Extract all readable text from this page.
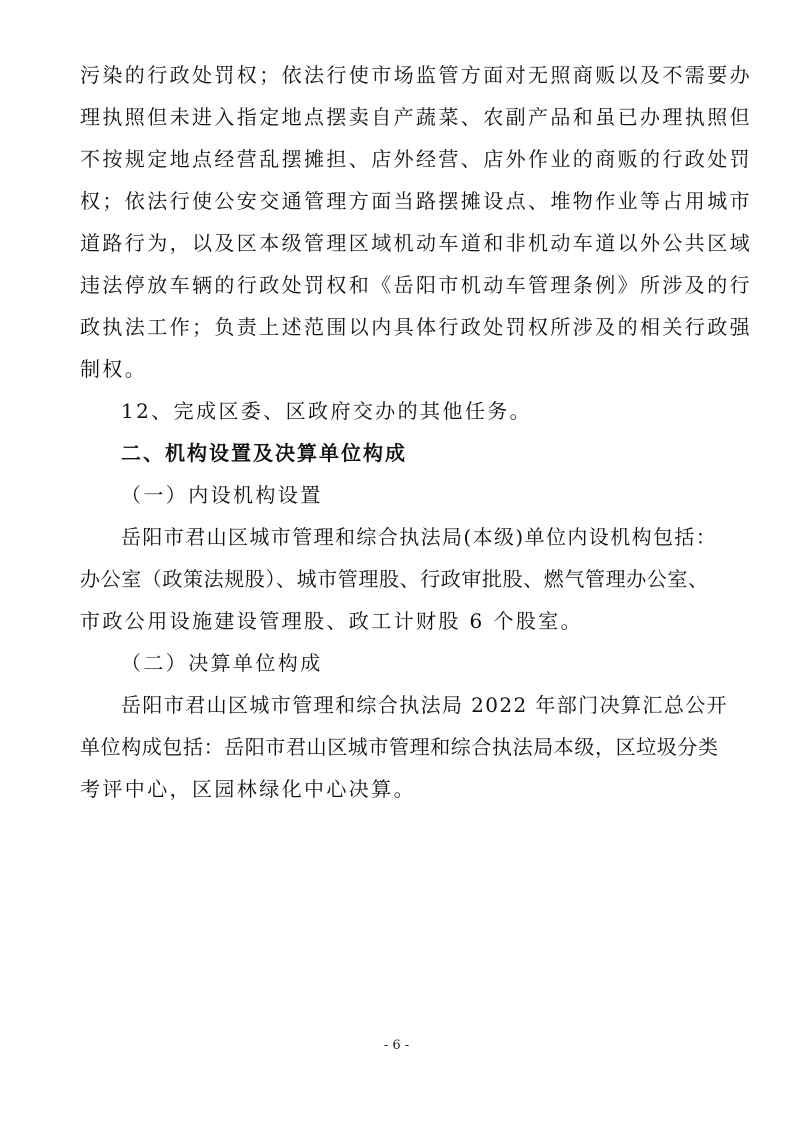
污染的行政处罚权；依法行使市场监管方面对无照商贩以及不需要办
理执照但未进入指定地点摆卖自产蔬菜、农副产品和虽已办理执照但
不按规定地点经营乱摆摊担、店外经营、店外作业的商贩的行政处罚
权；依法行使公安交通管理方面当路摆摊设点、堆物作业等占用城市
道路行为，以及区本级管理区域机动车道和非机动车道以外公共区域
违法停放车辆的行政处罚权和《岳阳市机动车管理条例》所涉及的行
政执法工作；负责上述范围以内具体行政处罚权所涉及的相关行政强
制权。
12、完成区委、区政府交办的其他任务。
二、机构设置及决算单位构成
（一）内设机构设置
岳阳市君山区城市管理和综合执法局(本级)单位内设机构包括：
办公室（政策法规股）、城市管理股、行政审批股、燃气管理办公室、
市政公用设施建设管理股、政工计财股 6 个股室。
（二）决算单位构成
岳阳市君山区城市管理和综合执法局 2022 年部门决算汇总公开
单位构成包括：岳阳市君山区城市管理和综合执法局本级，区垃圾分类
考评中心，区园林绿化中心决算。
- 6 -
